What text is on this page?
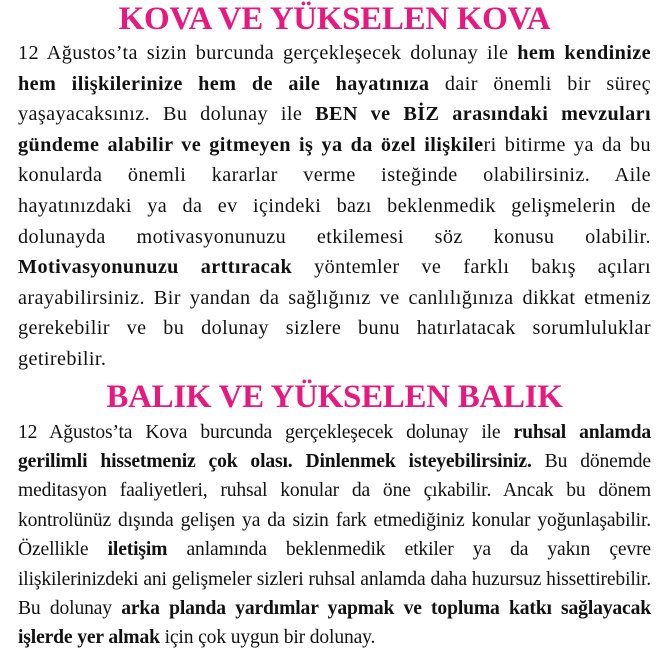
KOVA VE YÜKSELEN KOVA

12 Ağustos’ta sizin burcunda gerçekleşecek dolunay ile hem kendinize hem ilişkilerinize hem de aile hayatınıza dair önemli bir süreç yaşayacaksınız. Bu dolunay ile BEN ve BİZ arasındaki mevzuları gündeme alabilir ve gitmeyen iş ya da özel ilişkileri bitirme ya da bu konularda önemli kararlar verme isteğinde olabilirsiniz. Aile hayatınızdaki ya da ev içindeki bazı beklenmedik gelişmelerin de dolunayda motivasyonunuzu etkilemesi söz konusu olabilir. Motivasyonunuzu arttıracak yöntemler ve farklı bakış açıları arayabilirsiniz. Bir yandan da sağlığınız ve canlılığınıza dikkat etmeniz gerekebilir ve bu dolunay sizlere bunu hatırlatacak sorumluluklar getirebilir.

BALIK VE YÜKSELEN BALIK

12 Ağustos’ta Kova burcunda gerçekleşecek dolunay ile ruhsal anlamda gerilimli hissetmeniz çok olası. Dinlenmek isteyebilirsiniz. Bu dönemde meditasyon faaliyetleri, ruhsal konular da öne çıkabilir. Ancak bu dönem kontrolünüz dışında gelişen ya da sizin fark etmediğiniz konular yoğunlaşabilir. Özellikle iletişim anlamında beklenmedik etkiler ya da yakın çevre ilişkilerinizdeki ani gelişmeler sizleri ruhsal anlamda daha huzursuz hissettirebilir. Bu dolunay arka planda yardımlar yapmak ve topluma katkı sağlayacak işlerde yer almak için çok uygun bir dolunay.
